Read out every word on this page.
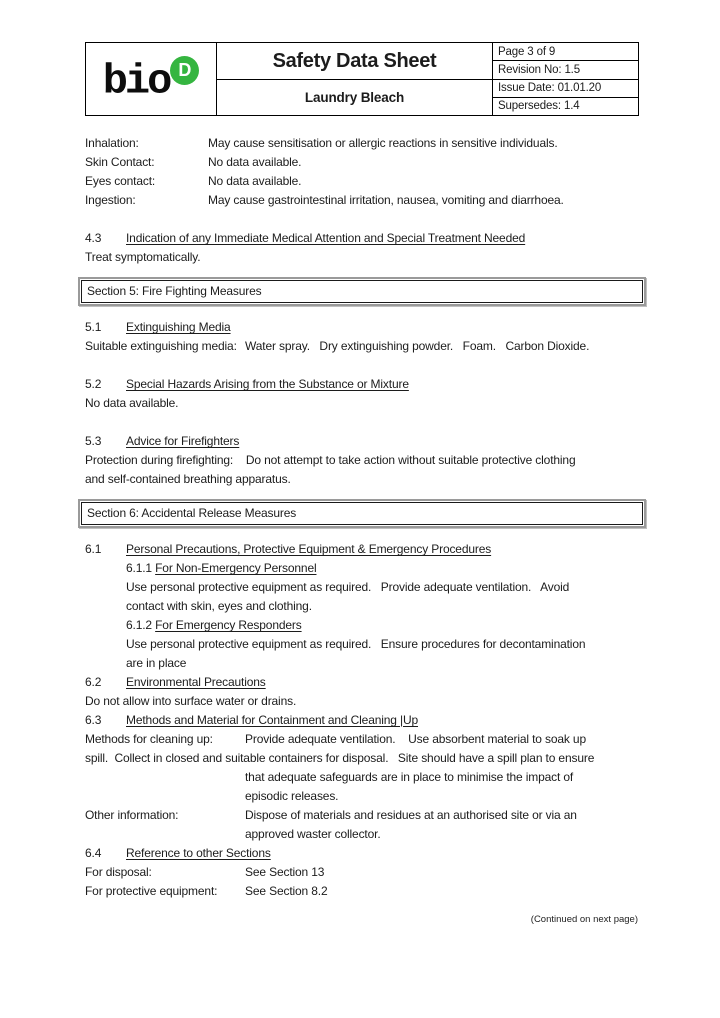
bio D	Safety Data Sheet
Laundry Bleach
Page 3 of 9
Revision No: 1.5
Issue Date: 01.01.20
Supersedes: 1.4
Inhalation:	May cause sensitisation or allergic reactions in sensitive individuals.
Skin Contact:	No data available.
Eyes contact:	No data available.
Ingestion:	May cause gastrointestinal irritation, nausea, vomiting and diarrhoea.
4.3 Indication of any Immediate Medical Attention and Special Treatment Needed
Treat symptomatically.
Section 5: Fire Fighting Measures
5.1 Extinguishing Media
Suitable extinguishing media: Water spray.   Dry extinguishing powder.   Foam.   Carbon Dioxide.
5.2 Special Hazards Arising from the Substance or Mixture
No data available.
5.3 Advice for Firefighters
Protection during firefighting:    Do not attempt to take action without suitable protective clothing
and self-contained breathing apparatus.
Section 6: Accidental Release Measures
6.1 Personal Precautions, Protective Equipment & Emergency Procedures
6.1.1 For Non-Emergency Personnel
Use personal protective equipment as required.   Provide adequate ventilation.   Avoid
contact with skin, eyes and clothing.
6.1.2 For Emergency Responders
Use personal protective equipment as required.   Ensure procedures for decontamination
are in place
6.2 Environmental Precautions
Do not allow into surface water or drains.
6.3 Methods and Material for Containment and Cleaning |Up
Methods for cleaning up:	Provide adequate ventilation.    Use absorbent material to soak up
spill.  Collect in closed and suitable containers for disposal.   Site should have a spill plan to ensure
that adequate safeguards are in place to minimise the impact of
episodic releases.
Other information:	Dispose of materials and residues at an authorised site or via an
approved waster collector.
6.4 Reference to other Sections
For disposal:	See Section 13
For protective equipment: See Section 8.2
(Continued on next page)
